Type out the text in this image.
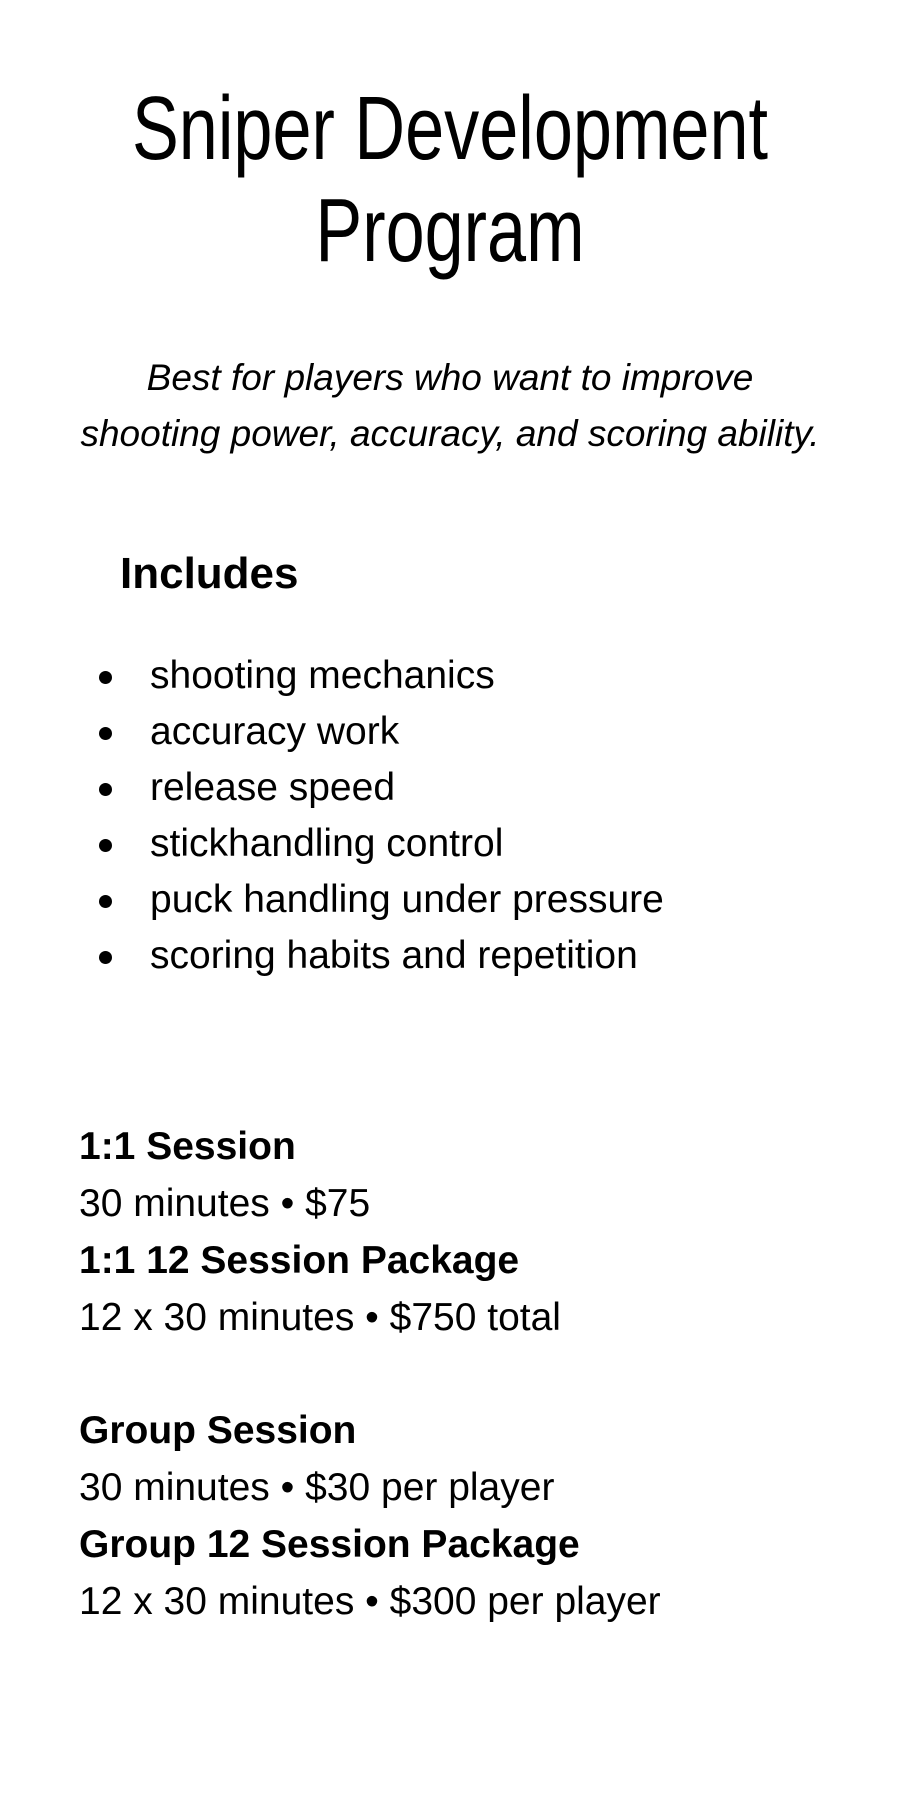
Sniper Development
Program

Best for players who want to improve
shooting power, accuracy, and scoring ability.

Includes
shooting mechanics
accuracy work
release speed
stickhandling control
puck handling under pressure
scoring habits and repetition
1:1 Session
30 minutes • $75
1:1 12 Session Package
12 x 30 minutes • $750 total
Group Session
30 minutes • $30 per player
Group 12 Session Package
12 x 30 minutes • $300 per player
